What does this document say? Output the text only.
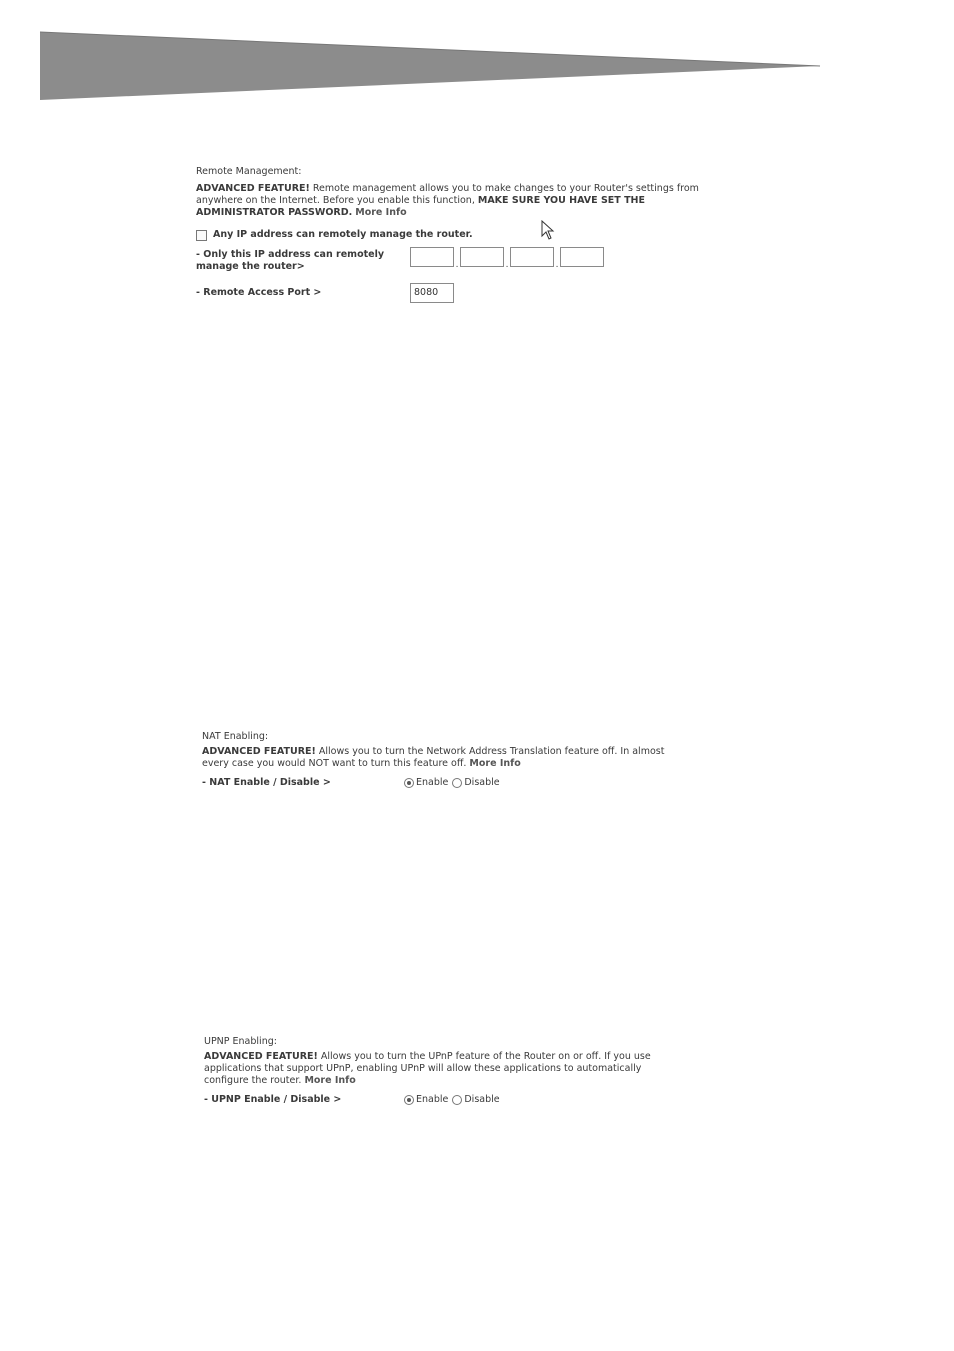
Remote Management:

ADVANCED FEATURE! Remote management allows you to make changes to your Router's settings from anywhere on the Internet. Before you enable this function, MAKE SURE YOU HAVE SET THE ADMINISTRATOR PASSWORD. More Info

Any IP address can remotely manage the router.
- Only this IP address can remotely
manage the router>	.	.	.
- Remote Access Port >	8080
NAT Enabling:

ADVANCED FEATURE! Allows you to turn the Network Address Translation feature off. In almost every case you would NOT want to turn this feature off. More Info

- NAT Enable / Disable >	Enable	Disable
UPNP Enabling:

ADVANCED FEATURE! Allows you to turn the UPnP feature of the Router on or off. If you use applications that support UPnP, enabling UPnP will allow these applications to automatically configure the router. More Info

- UPNP Enable / Disable >	Enable	Disable
